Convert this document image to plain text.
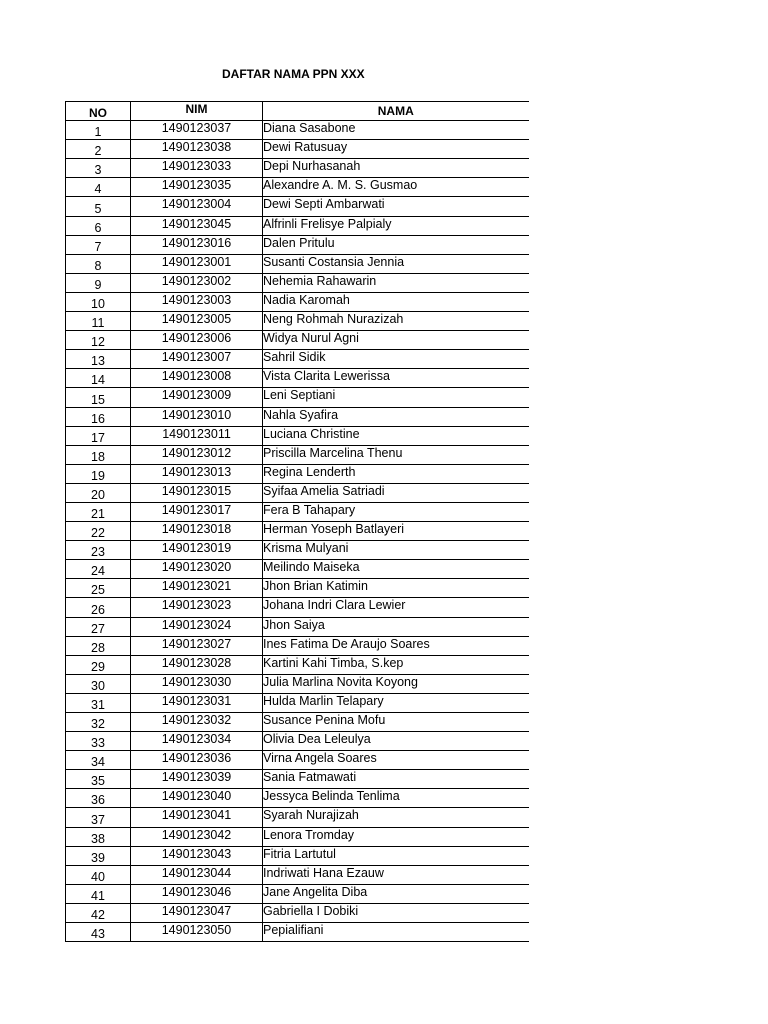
DAFTAR NAMA PPN XXX
NO	NIM	NAMA
1	1490123037	Diana Sasabone
2	1490123038	Dewi Ratusuay
3	1490123033	Depi Nurhasanah
4	1490123035	Alexandre A. M. S. Gusmao
5	1490123004	Dewi Septi Ambarwati
6	1490123045	Alfrinli Frelisye Palpialy
7	1490123016	Dalen Pritulu
8	1490123001	Susanti Costansia Jennia
9	1490123002	Nehemia Rahawarin
10	1490123003	Nadia Karomah
11	1490123005	Neng Rohmah Nurazizah
12	1490123006	Widya Nurul Agni
13	1490123007	Sahril Sidik
14	1490123008	Vista Clarita Lewerissa
15	1490123009	Leni Septiani
16	1490123010	Nahla Syafira
17	1490123011	Luciana Christine
18	1490123012	Priscilla Marcelina Thenu
19	1490123013	Regina Lenderth
20	1490123015	Syifaa Amelia Satriadi
21	1490123017	Fera B Tahapary
22	1490123018	Herman Yoseph Batlayeri
23	1490123019	Krisma Mulyani
24	1490123020	Meilindo Maiseka
25	1490123021	Jhon Brian Katimin
26	1490123023	Johana Indri Clara Lewier
27	1490123024	Jhon Saiya
28	1490123027	Ines Fatima De Araujo Soares
29	1490123028	Kartini Kahi Timba, S.kep
30	1490123030	Julia Marlina Novita Koyong
31	1490123031	Hulda Marlin Telapary
32	1490123032	Susance Penina Mofu
33	1490123034	Olivia Dea Leleulya
34	1490123036	Virna Angela Soares
35	1490123039	Sania Fatmawati
36	1490123040	Jessyca Belinda Tenlima
37	1490123041	Syarah Nurajizah
38	1490123042	Lenora Tromday
39	1490123043	Fitria Lartutul
40	1490123044	Indriwati Hana Ezauw
41	1490123046	Jane Angelita Diba
42	1490123047	Gabriella I Dobiki
43	1490123050	Pepialifiani
